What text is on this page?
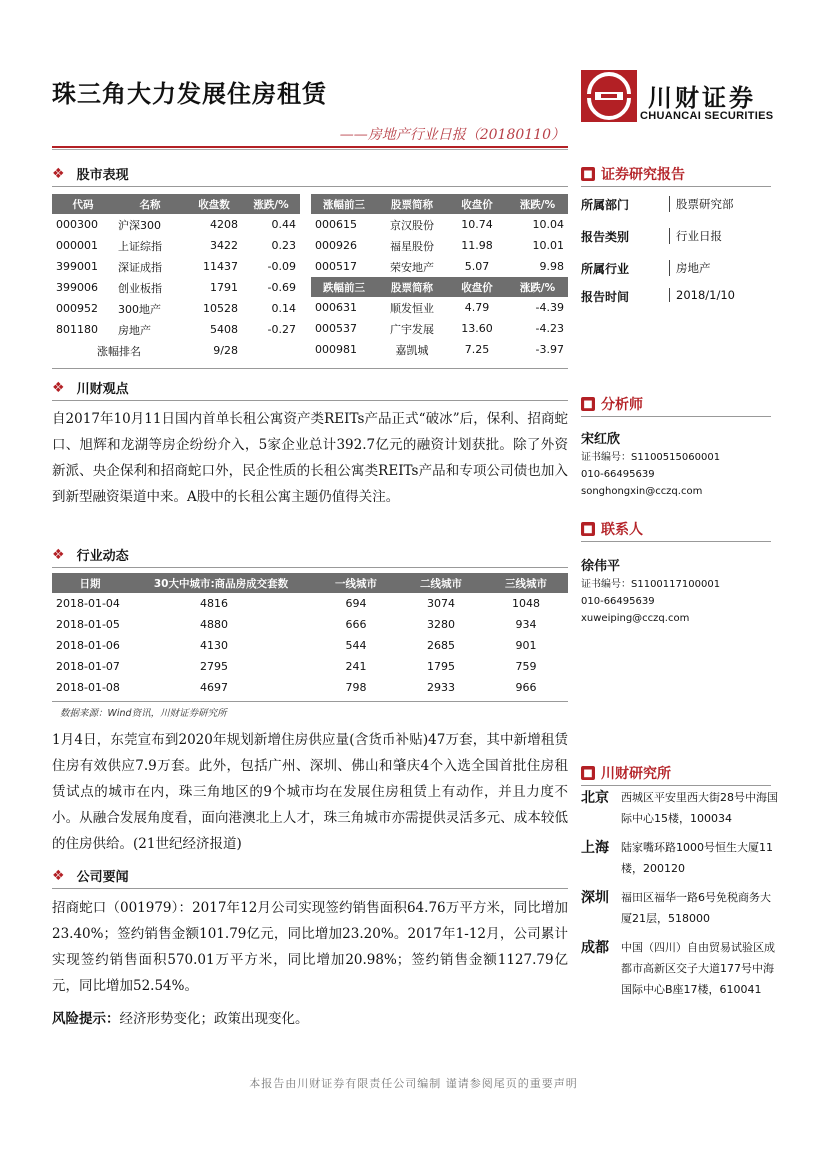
珠三角大力发展住房租赁
——房地产行业日报（20180110）
川财证券
CHUANCAI SECURITIES
❖ 股市表现
代码	名称	收盘数	涨跌/%
000300	沪深300	4208	0.44
000001	上证综指	3422	0.23
399001	深证成指	11437	-0.09
399006	创业板指	1791	-0.69
000952	300地产	10528	0.14
801180	房地产	5408	-0.27
涨幅排名		9/28	
涨幅前三	股票简称	收盘价	涨跌/%
000615	京汉股份	10.74	10.04
000926	福星股份	11.98	10.01
000517	荣安地产	5.07	9.98
跌幅前三	股票简称	收盘价	涨跌/%
000631	顺发恒业	4.79	-4.39
000537	广宇发展	13.60	-4.23
000981	嘉凯城	7.25	-3.97
❖ 川财观点
自2017年10月11日国内首单长租公寓资产类REITs产品正式“破冰”后，保利、招商蛇口、旭辉和龙湖等房企纷纷介入，5家企业总计392.7亿元的融资计划获批。除了外资新派、央企保利和招商蛇口外，民企性质的长租公寓类REITs产品和专项公司债也加入到新型融资渠道中来。A股中的长租公寓主题仍值得关注。
❖ 行业动态
日期	30大中城市:商品房成交套数	一线城市	二线城市	三线城市
2018-01-04	4816	694	3074	1048
2018-01-05	4880	666	3280	934
2018-01-06	4130	544	2685	901
2018-01-07	2795	241	1795	759
2018-01-08	4697	798	2933	966
数据来源：Wind资讯，川财证券研究所
1月4日，东莞宣布到2020年规划新增住房供应量(含货币补贴)47万套，其中新增租赁住房有效供应7.9万套。此外，包括广州、深圳、佛山和肇庆4个入选全国首批住房租赁试点的城市在内，珠三角地区的9个城市均在发展住房租赁上有动作，并且力度不小。从融合发展角度看，面向港澳北上人才，珠三角城市亦需提供灵活多元、成本较低的住房供给。(21世纪经济报道)
❖ 公司要闻
招商蛇口（001979）：2017年12月公司实现签约销售面积64.76万平方米，同比增加23.40%；签约销售金额101.79亿元，同比增加23.20%。2017年1-12月，公司累计实现签约销售面积570.01万平方米，同比增加20.98%；签约销售金额1127.79亿元，同比增加52.54%。
风险提示：经济形势变化；政策出现变化。
■ 证券研究报告
所属部门	股票研究部
报告类别	行业日报
所属行业	房地产
报告时间	2018/1/10
■ 分析师
宋红欣
证书编号：S1100515060001
010-66495639
songhongxin@cczq.com
■ 联系人
徐伟平
证书编号：S1100117100001
010-66495639
xuweiping@cczq.com
■ 川财研究所
北京	西城区平安里西大街28号中海国际中心15楼，100034
上海	陆家嘴环路1000号恒生大厦11楼，200120
深圳	福田区福华一路6号免税商务大厦21层，518000
成都	中国（四川）自由贸易试验区成都市高新区交子大道177号中海国际中心B座17楼，610041
本报告由川财证券有限责任公司编制 谨请参阅尾页的重要声明
